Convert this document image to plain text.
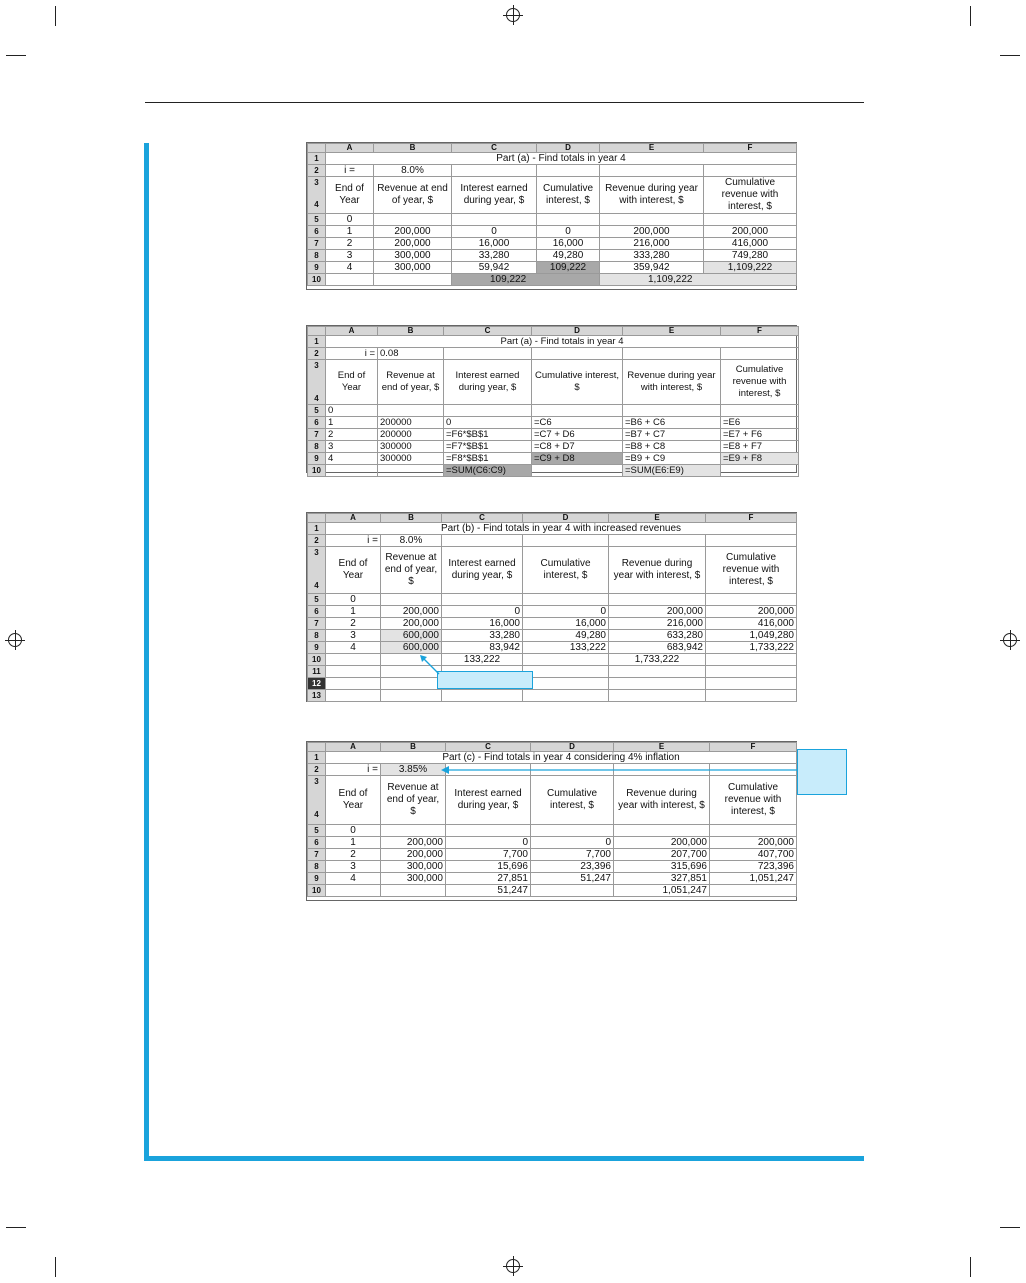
	A	B	C	D	E	F	
1	Part (a) - Find totals in year 4						
2	i =	8.0%					
3

4	End of Year	Revenue at end of year, $	Interest earned during year, $	Cumulative interest, $	Revenue during year with interest, $	Cumulative revenue with interest, $	
5	0						
6	1	200,000	0	0	200,000	200,000	
7	2	200,000	16,000	16,000	216,000	416,000	
8	3	300,000	33,280	49,280	333,280	749,280	
9	4	300,000	59,942	109,222	359,942	1,109,222	
10			109,222		1,109,222		
	A	B	C	D	E	F
1	Part (a) - Find totals in year 4					
2	i =	0.08				
3

4	End of Year	Revenue at end of year, $	Interest earned during year, $	Cumulative interest, $	Revenue during year with interest, $	Cumulative revenue with interest, $
5	0					
6	1	200000	0	=C6	=B6 + C6	=E6
7	2	200000	=F6*$B$1	=C7 + D6	=B7 + C7	=E7 + F6
8	3	300000	=F7*$B$1	=C8 + D7	=B8 + C8	=E8 + F7
9	4	300000	=F8*$B$1	=C9 + D8	=B9 + C9	=E9 + F8
10			=SUM(C6:C9)		=SUM(E6:E9)	
	A	B	C	D	E	F
1	Part (b) - Find totals in year 4 with increased revenues					
2	i =	8.0%				
3

4	End of Year	Revenue at end of year, $	Interest earned during year, $	Cumulative interest, $	Revenue during year with interest, $	Cumulative revenue with interest, $
5	0					
6	1	200,000	0	0	200,000	200,000
7	2	200,000	16,000	16,000	216,000	416,000
8	3	600,000	33,280	49,280	633,280	1,049,280
9	4	600,000	83,942	133,222	683,942	1,733,222
10			133,222		1,733,222	
11						
12						
13						
	A	B	C	D	E	F
1	Part (c) - Find totals in year 4 considering 4% inflation					
2	i =	3.85%				
3

4	End of Year	Revenue at end of year, $	Interest earned during year, $	Cumulative interest, $	Revenue during year with interest, $	Cumulative revenue with interest, $
5	0					
6	1	200,000	0	0	200,000	200,000
7	2	200,000	7,700	7,700	207,700	407,700
8	3	300,000	15,696	23,396	315,696	723,396
9	4	300,000	27,851	51,247	327,851	1,051,247
10			51,247		1,051,247	
